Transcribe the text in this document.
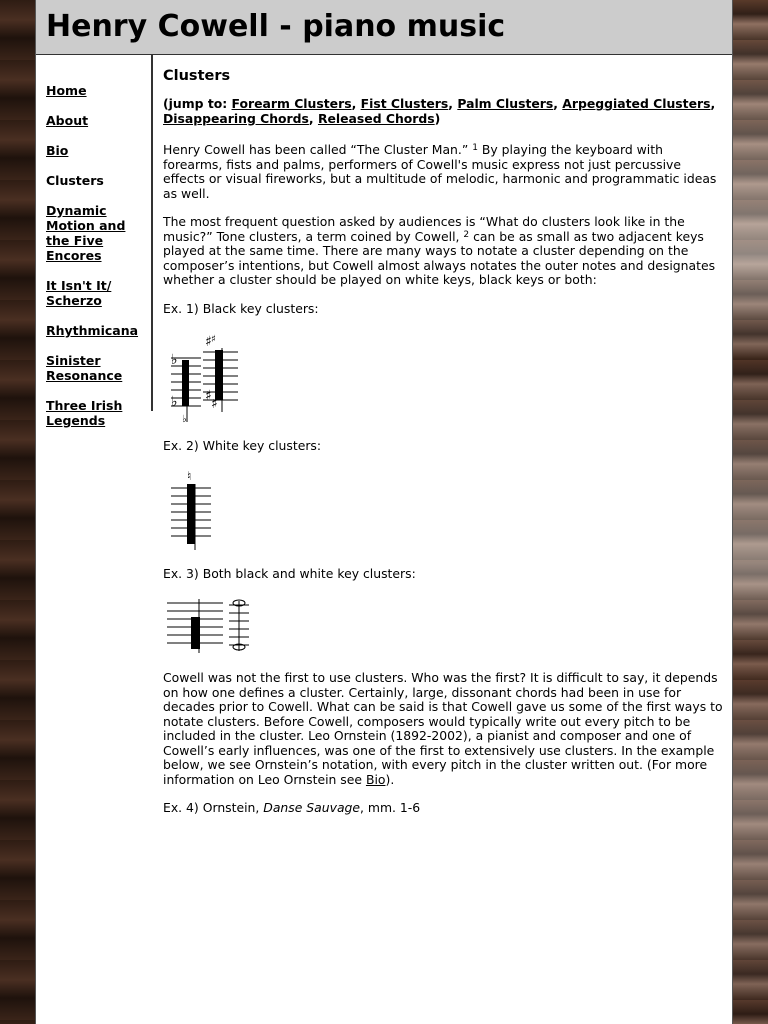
Henry Cowell - piano music
Home
About
Bio
Clusters
Dynamic Motion and the Five Encores
It Isn't It/ Scherzo
Rhythmicana
Sinister Resonance
Three Irish Legends
Clusters
(jump to: Forearm Clusters, Fist Clusters, Palm Clusters, Arpeggiated Clusters, Disappearing Chords, Released Chords)

Henry Cowell has been called “The Cluster Man.” $^1$ By playing the keyboard with forearms, fists and palms, performers of Cowell's music express not just percussive effects or visual fireworks, but a multitude of melodic, harmonic and programmatic ideas as well.

The most frequent question asked by audiences is “What do clusters look like in the music?” Tone clusters, a term coined by Cowell, $^2$ can be as small as two adjacent keys played at the same time. There are many ways to notate a cluster depending on the composer’s intentions, but Cowell almost always notates the outer notes and designates whether a cluster should be played on white keys, black keys or both:

Ex. 1) Black key clusters:

♭
♭
♭
♯ ♯
♯ ♯

Ex. 2) White key clusters:

♮

Ex. 3) Both black and white key clusters:

Cowell was not the first to use clusters. Who was the first? It is difficult to say, it depends on how one defines a cluster. Certainly, large, dissonant chords had been in use for decades prior to Cowell. What can be said is that Cowell gave us some of the first ways to notate clusters. Before Cowell, composers would typically write out every pitch to be included in the cluster. Leo Ornstein (1892-2002), a pianist and composer and one of Cowell’s early influences, was one of the first to extensively use clusters. In the example below, we see Ornstein’s notation, with every pitch in the cluster written out. (For more information on Leo Ornstein see Bio).

Ex. 4) Ornstein, Danse Sauvage, mm. 1-6
